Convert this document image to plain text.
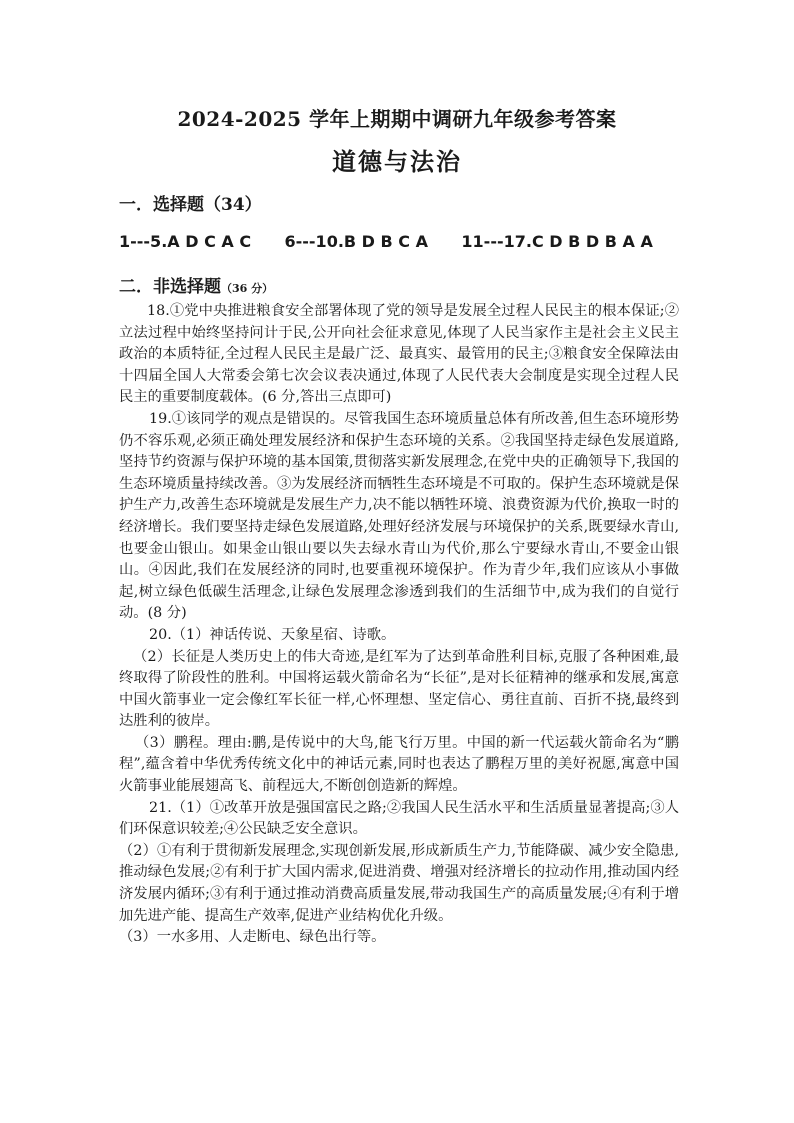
2024-2025 学年上期期中调研九年级参考答案
道德与法治
一．选择题（34）
1---5.A D C A C 6---10.B D B C A 11---17.C D B D B A A
二．非选择题（36 分）

18.①党中央推进粮食安全部署体现了党的领导是发展全过程人民民主的根本保证;②立法过程中始终坚持问计于民,公开向社会征求意见,体现了人民当家作主是社会主义民主政治的本质特征,全过程人民民主是最广泛、最真实、最管用的民主;③粮食安全保障法由十四届全国人大常委会第七次会议表决通过,体现了人民代表大会制度是实现全过程人民民主的重要制度载体。(6 分,答出三点即可)

19.①该同学的观点是错误的。尽管我国生态环境质量总体有所改善,但生态环境形势仍不容乐观,必须正确处理发展经济和保护生态环境的关系。②我国坚持走绿色发展道路,坚持节约资源与保护环境的基本国策,贯彻落实新发展理念,在党中央的正确领导下,我国的生态环境质量持续改善。③为发展经济而牺牲生态环境是不可取的。保护生态环境就是保护生产力,改善生态环境就是发展生产力,决不能以牺牲环境、浪费资源为代价,换取一时的经济增长。我们要坚持走绿色发展道路,处理好经济发展与环境保护的关系,既要绿水青山,也要金山银山。如果金山银山要以失去绿水青山为代价,那么宁要绿水青山,不要金山银山。④因此,我们在发展经济的同时,也要重视环境保护。作为青少年,我们应该从小事做起,树立绿色低碳生活理念,让绿色发展理念渗透到我们的生活细节中,成为我们的自觉行动。(8 分)

20.（1）神话传说、天象星宿、诗歌。

（2）长征是人类历史上的伟大奇迹,是红军为了达到革命胜利目标,克服了各种困难,最终取得了阶段性的胜利。中国将运载火箭命名为“长征”,是对长征精神的继承和发展,寓意中国火箭事业一定会像红军长征一样,心怀理想、坚定信心、勇往直前、百折不挠,最终到达胜利的彼岸。

（3）鹏程。理由:鹏,是传说中的大鸟,能飞行万里。中国的新一代运载火箭命名为“鹏程”,蕴含着中华优秀传统文化中的神话元素,同时也表达了鹏程万里的美好祝愿,寓意中国火箭事业能展翅高飞、前程远大,不断创创造新的辉煌。

21.（1）①改革开放是强国富民之路;②我国人民生活水平和生活质量显著提高;③人们环保意识较差;④公民缺乏安全意识。

（2）①有利于贯彻新发展理念,实现创新发展,形成新质生产力,节能降碳、减少安全隐患,推动绿色发展;②有利于扩大国内需求,促进消费、增强对经济增长的拉动作用,推动国内经济发展内循环;③有利于通过推动消费高质量发展,带动我国生产的高质量发展;④有利于增加先进产能、提高生产效率,促进产业结构优化升级。

（3）一水多用、人走断电、绿色出行等。
